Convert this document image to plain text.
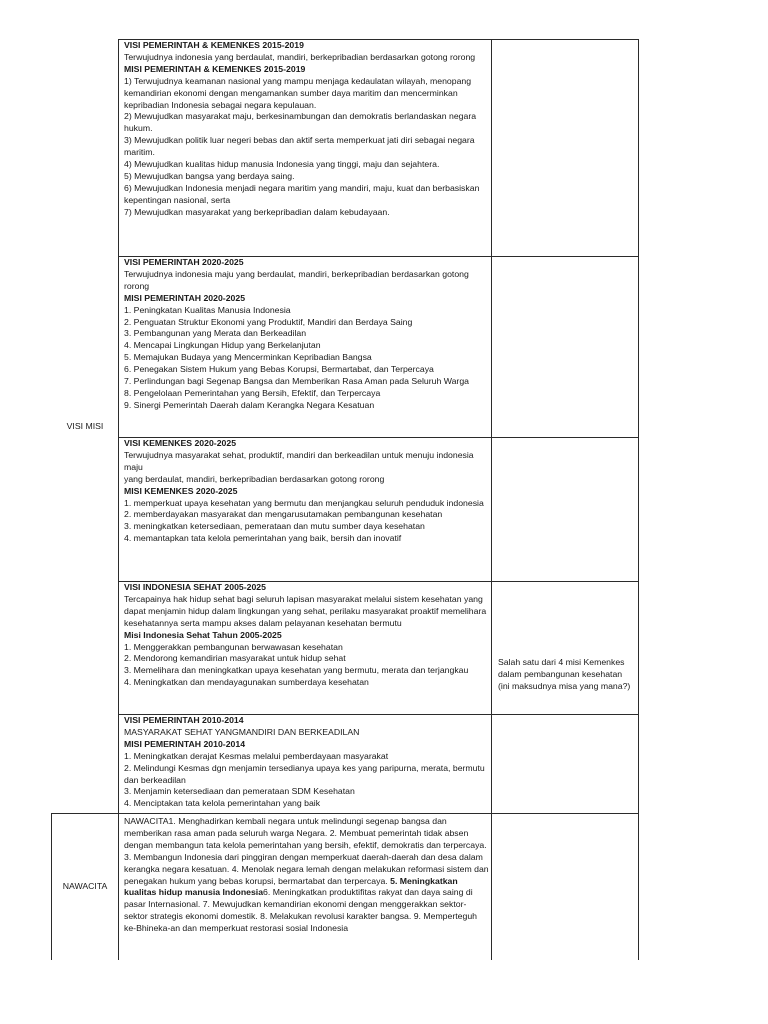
VISI MISI
NAWACITA
VISI PEMERINTAH & KEMENKES 2015-2019
Terwujudnya indonesia yang berdaulat, mandiri, berkepribadian berdasarkan gotong rorong
MISI PEMERINTAH & KEMENKES 2015-2019
1) Terwujudnya keamanan nasional yang mampu menjaga kedaulatan wilayah, menopang kemandirian ekonomi dengan mengamankan sumber daya maritim dan mencerminkan kepribadian Indonesia sebagai negara kepulauan.
2) Mewujudkan masyarakat maju, berkesinambungan dan demokratis berlandaskan negara hukum.
3) Mewujudkan politik luar negeri bebas dan aktif serta memperkuat jati diri sebagai negara maritim.
4) Mewujudkan kualitas hidup manusia Indonesia yang tinggi, maju dan sejahtera.
5) Mewujudkan bangsa yang berdaya saing.
6) Mewujudkan Indonesia menjadi negara maritim yang mandiri, maju, kuat dan berbasiskan kepentingan nasional, serta
7) Mewujudkan masyarakat yang berkepribadian dalam kebudayaan.
VISI PEMERINTAH 2020-2025
Terwujudnya indonesia maju yang berdaulat, mandiri, berkepribadian berdasarkan gotong rorong
MISI PEMERINTAH 2020-2025
1. Peningkatan Kualitas Manusia Indonesia
2. Penguatan Struktur Ekonomi yang Produktif, Mandiri dan Berdaya Saing
3. Pembangunan yang Merata dan Berkeadilan
4. Mencapai Lingkungan Hidup yang Berkelanjutan
5. Memajukan Budaya yang Mencerminkan Kepribadian Bangsa
6. Penegakan Sistem Hukum yang Bebas Korupsi, Bermartabat, dan Terpercaya
7. Perlindungan bagi Segenap Bangsa dan Memberikan Rasa Aman pada Seluruh Warga
8. Pengelolaan Pemerintahan yang Bersih, Efektif, dan Terpercaya
9. Sinergi Pemerintah Daerah dalam Kerangka Negara Kesatuan
VISI KEMENKES 2020-2025
Terwujudnya masyarakat sehat, produktif, mandiri dan berkeadilan untuk menuju indonesia maju
yang berdaulat, mandiri, berkepribadian berdasarkan gotong rorong
MISI KEMENKES 2020-2025
1. memperkuat upaya kesehatan yang bermutu dan menjangkau seluruh penduduk indonesia
2. memberdayakan masyarakat dan mengarusutamakan pembangunan kesehatan
3. meningkatkan ketersediaan, pemerataan dan mutu sumber daya kesehatan
4. memantapkan tata kelola pemerintahan yang baik, bersih dan inovatif
VISI INDONESIA SEHAT 2005-2025
Tercapainya hak hidup sehat bagi seluruh lapisan masyarakat melalui sistem kesehatan yang dapat menjamin hidup dalam lingkungan yang sehat, perilaku masyarakat proaktif memelihara kesehatannya serta mampu akses dalam pelayanan kesehatan bermutu
Misi Indonesia Sehat Tahun 2005-2025
1. Menggerakkan pembangunan berwawasan kesehatan
2. Mendorong kemandirian masyarakat untuk hidup sehat
3. Memelihara dan meningkatkan upaya kesehatan yang bermutu, merata dan terjangkau
4. Meningkatkan dan mendayagunakan sumberdaya kesehatan
VISI PEMERINTAH 2010-2014
MASYARAKAT SEHAT YANGMANDIRI DAN BERKEADILAN
MISI PEMERINTAH 2010-2014
1. Meningkatkan derajat Kesmas melalui pemberdayaan masyarakat
2. Melindungi Kesmas dgn menjamin tersedianya upaya kes yang paripurna, merata, bermutu dan berkeadilan
3. Menjamin ketersediaan dan pemerataan SDM Kesehatan
4. Menciptakan tata kelola pemerintahan yang baik
Salah satu dari 4 misi Kemenkes dalam pembangunan kesehatan (ini maksudnya misa yang mana?)
NAWACITA1. Menghadirkan kembali negara untuk melindungi segenap bangsa dan memberikan rasa aman pada seluruh warga Negara. 2. Membuat pemerintah tidak absen dengan membangun tata kelola pemerintahan yang bersih, efektif, demokratis dan terpercaya. 3. Membangun Indonesia dari pinggiran dengan memperkuat daerah-daerah dan desa dalam kerangka negara kesatuan. 4. Menolak negara lemah dengan melakukan reformasi sistem dan penegakan hukum yang bebas korupsi, bermartabat dan terpercaya. 5. Meningkatkan kualitas hidup manusia Indonesia6. Meningkatkan produktifitas rakyat dan daya saing di pasar Internasional. 7. Mewujudkan kemandirian ekonomi dengan menggerakkan sektor-sektor strategis ekonomi domestik. 8. Melakukan revolusi karakter bangsa. 9. Memperteguh ke-Bhineka-an dan memperkuat restorasi sosial Indonesia
